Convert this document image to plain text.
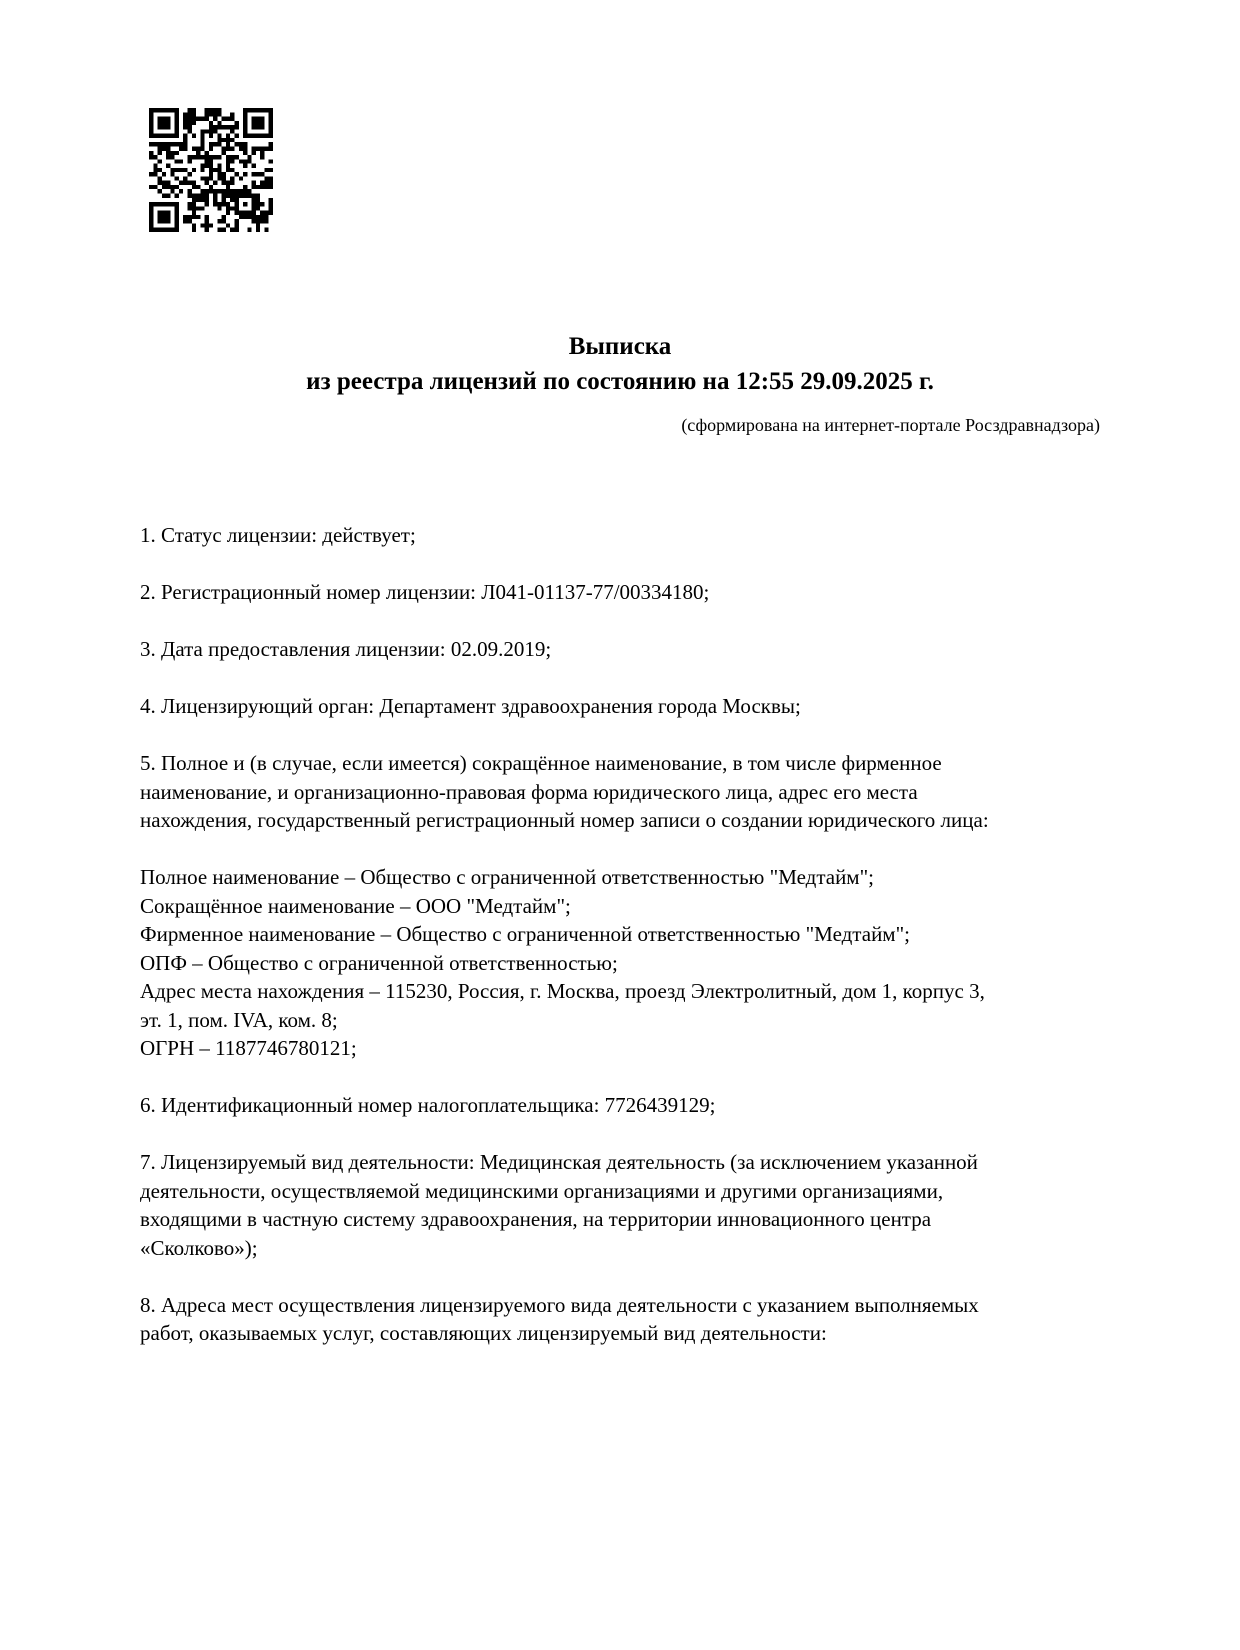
Выписка
из реестра лицензий по состоянию на 12:55 29.09.2025 г.
(сформирована на интернет-портале Росздравнадзора)
1. Статус лицензии: действует;
2. Регистрационный номер лицензии: Л041-01137-77/00334180;
3. Дата предоставления лицензии: 02.09.2019;
4. Лицензирующий орган: Департамент здравоохранения города Москвы;
5. Полное и (в случае, если имеется) сокращённое наименование, в том числе фирменное
наименование, и организационно-правовая форма юридического лица, адрес его места
нахождения, государственный регистрационный номер записи о создании юридического лица:
Полное наименование – Общество с ограниченной ответственностью "Медтайм";
Сокращённое наименование – ООО "Медтайм";
Фирменное наименование – Общество с ограниченной ответственностью "Медтайм";
ОПФ – Общество с ограниченной ответственностью;
Адрес места нахождения – 115230, Россия, г. Москва, проезд Электролитный, дом 1, корпус 3,
эт. 1, пом. IVA, ком. 8;
ОГРН – 1187746780121;
6. Идентификационный номер налогоплательщика: 7726439129;
7. Лицензируемый вид деятельности: Медицинская деятельность (за исключением указанной
деятельности, осуществляемой медицинскими организациями и другими организациями,
входящими в частную систему здравоохранения, на территории инновационного центра
«Сколково»);
8. Адреса мест осуществления лицензируемого вида деятельности с указанием выполняемых
работ, оказываемых услуг, составляющих лицензируемый вид деятельности:
